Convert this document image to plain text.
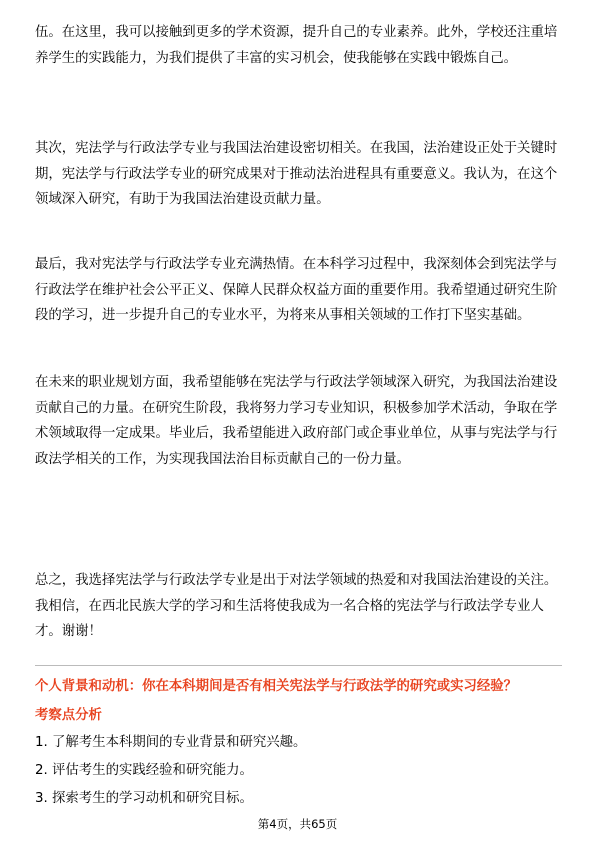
伍。在这里，我可以接触到更多的学术资源，提升自己的专业素养。此外，学校还注重培养学生的实践能力，为我们提供了丰富的实习机会，使我能够在实践中锻炼自己。

其次，宪法学与行政法学专业与我国法治建设密切相关。在我国，法治建设正处于关键时期，宪法学与行政法学专业的研究成果对于推动法治进程具有重要意义。我认为，在这个领域深入研究，有助于为我国法治建设贡献力量。

最后，我对宪法学与行政法学专业充满热情。在本科学习过程中，我深刻体会到宪法学与行政法学在维护社会公平正义、保障人民群众权益方面的重要作用。我希望通过研究生阶段的学习，进一步提升自己的专业水平，为将来从事相关领域的工作打下坚实基础。

在未来的职业规划方面，我希望能够在宪法学与行政法学领域深入研究，为我国法治建设贡献自己的力量。在研究生阶段，我将努力学习专业知识，积极参加学术活动，争取在学术领域取得一定成果。毕业后，我希望能进入政府部门或企事业单位，从事与宪法学与行政法学相关的工作，为实现我国法治目标贡献自己的一份力量。

总之，我选择宪法学与行政法学专业是出于对法学领域的热爱和对我国法治建设的关注。我相信，在西北民族大学的学习和生活将使我成为一名合格的宪法学与行政法学专业人才。谢谢！

个人背景和动机：你在本科期间是否有相关宪法学与行政法学的研究或实习经验？

考察点分析

1. 了解考生本科期间的专业背景和研究兴趣。

2. 评估考生的实践经验和研究能力。

3. 探索考生的学习动机和研究目标。

第4页，共65页
